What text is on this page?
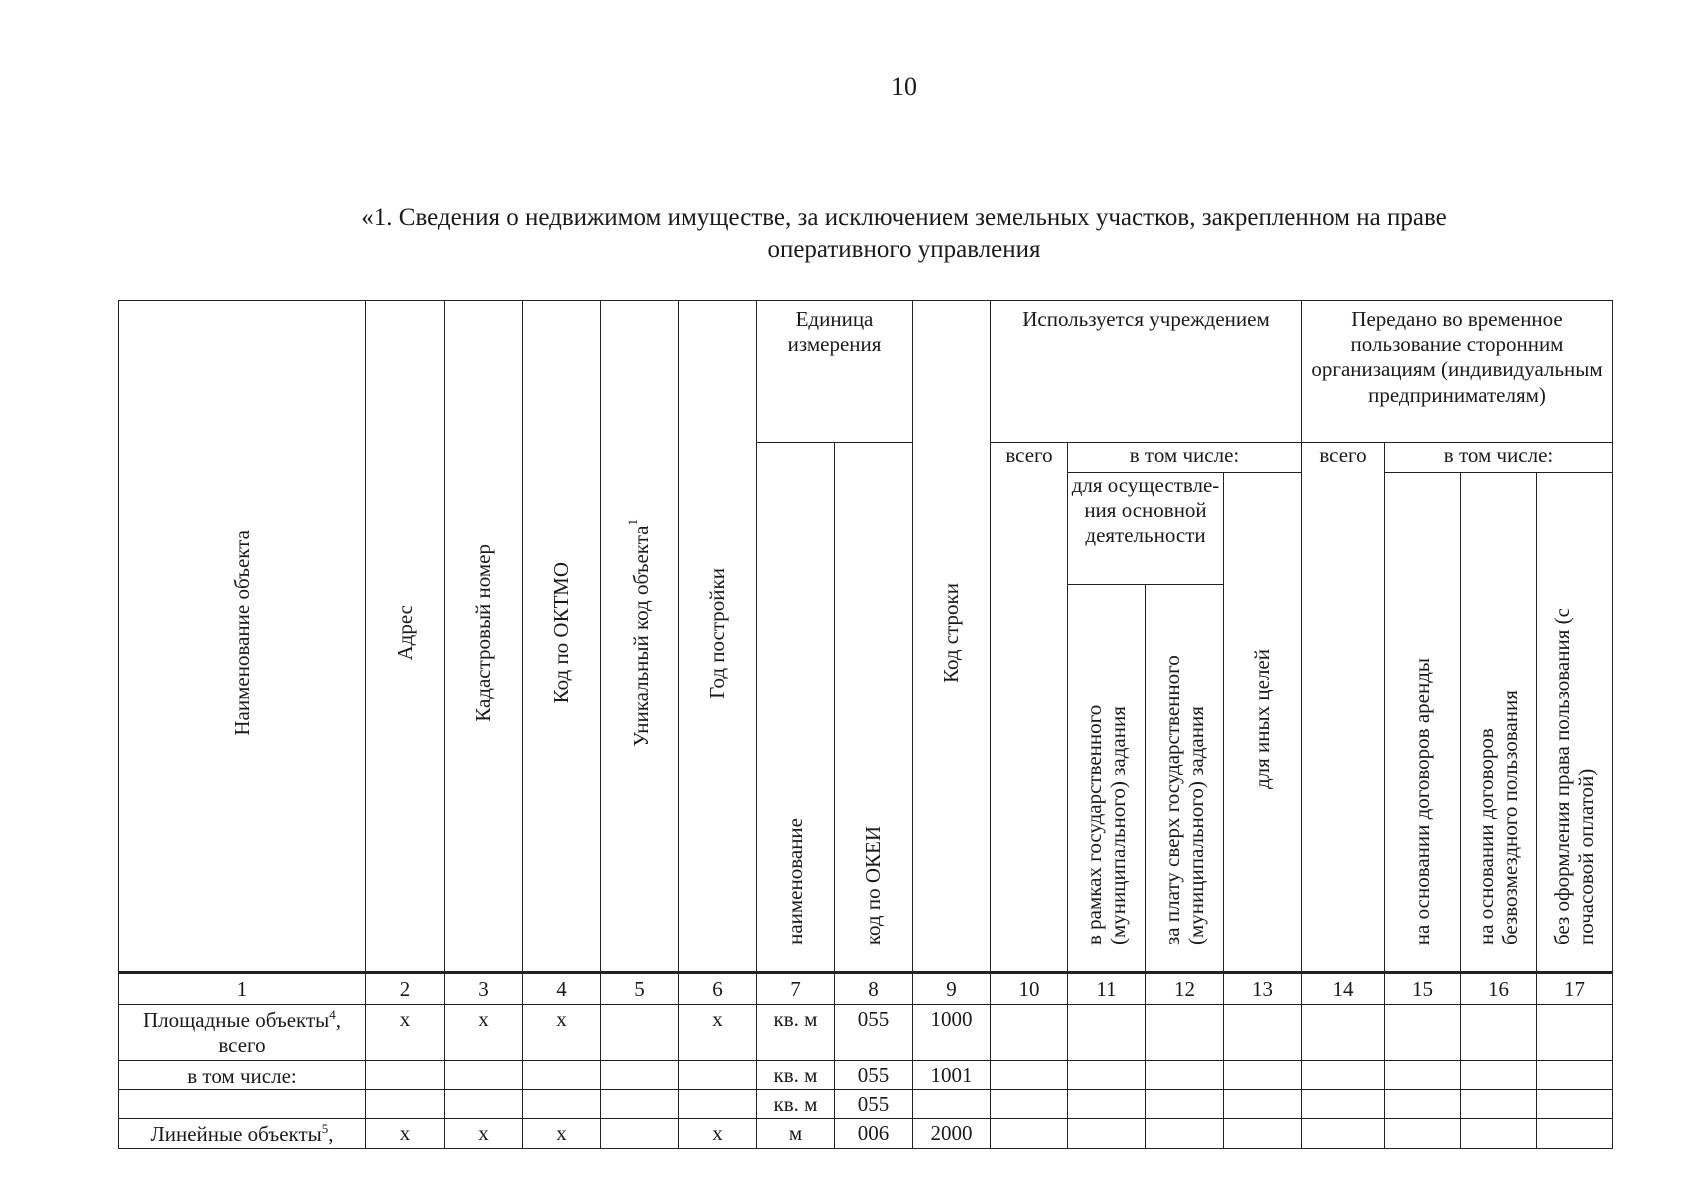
10
«1. Сведения о недвижимом имуществе, за исключением земельных участков, закрепленном на праве
оперативного управления
Наименование объекта	Адрес	Кадастровый номер	Код по ОКТМО	Уникальный код объекта$^1$	Год постройки	Единица измерения		Код строки	Используется учреждением				Передано во временное пользование сторонним организациям (индивидуальным предпринимателям)			
						наименование	код по ОКЕИ		всего	в том числе:			всего	в том числе:		
										для осуществле-ния основной деятельности		для иных целей		на основании договоров аренды	на основании договоров безвозмездного пользования	без оформления права пользования (с почасовой оплатой)
										в рамках государственного (муниципального) задания	за плату сверх государственного (муниципального) задания					
1	2	3	4	5	6	7	8	9	10	11	12	13	14	15	16	17
Площадные объекты$^4$, всего	x	x	x		x	кв. м	055	1000								
в том числе:						кв. м	055	1001								
						кв. м	055									
Линейные объекты$^5$,	x	x	x		x	м	006	2000								
